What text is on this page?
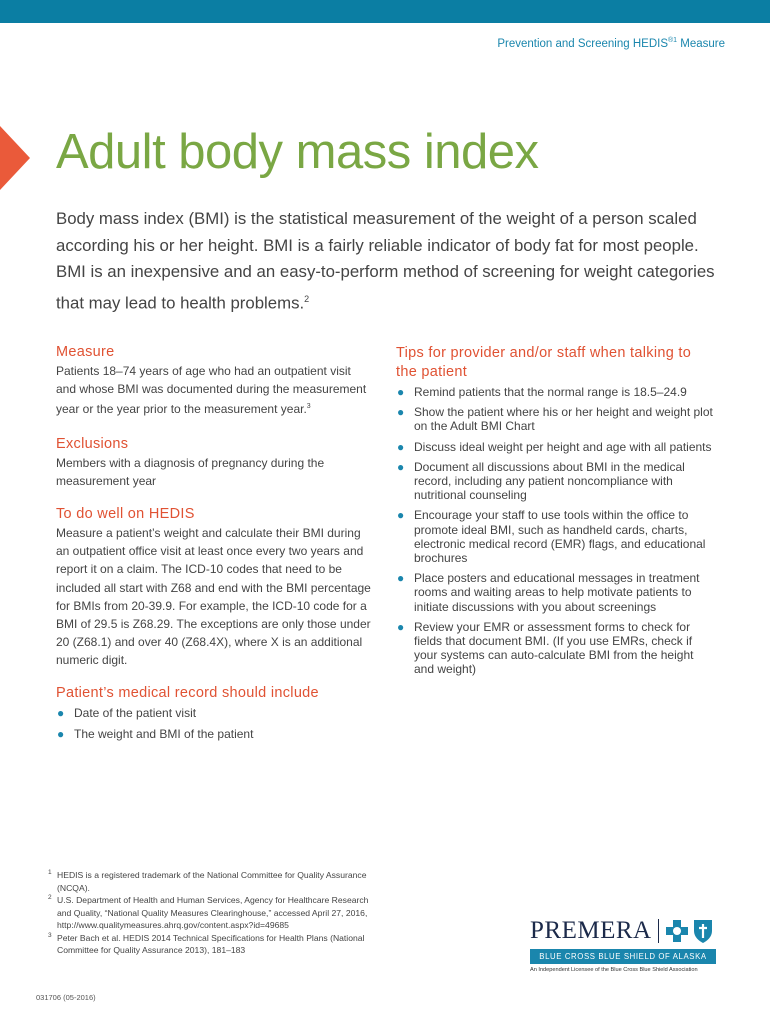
Prevention and Screening $HEDIS^{®1}$ Measure
Adult body mass index

Body mass index (BMI) is the statistical measurement of the weight of a person scaled according his or her height. BMI is a fairly reliable indicator of body fat for most people. BMI is an inexpensive and an easy-to-perform method of screening for weight categories that may lead to health problems.$^2$

Measure

Patients 18–74 years of age who had an outpatient visit and whose BMI was documented during the measurement year or the year prior to the measurement year.$^3$

Exclusions

Members with a diagnosis of pregnancy during the measurement year

To do well on HEDIS

Measure a patient’s weight and calculate their BMI during an outpatient office visit at least once every two years and report it on a claim. The ICD-10 codes that need to be included all start with Z68 and end with the BMI percentage for BMIs from 20-39.9. For example, the ICD-10 code for a BMI of 29.5 is Z68.29. The exceptions are only those under 20 (Z68.1) and over 40 (Z68.4X), where X is an additional numeric digit.

Patient’s medical record should include
● Date of the patient visit
● The weight and BMI of the patient
Tips for provider and/or staff when talking to the patient
● Remind patients that the normal range is 18.5–24.9
● Show the patient where his or her height and weight plot on the Adult BMI Chart
● Discuss ideal weight per height and age with all patients
● Document all discussions about BMI in the medical record, including any patient noncompliance with nutritional counseling
● Encourage your staff to use tools within the office to promote ideal BMI, such as handheld cards, charts, electronic medical record (EMR) flags, and educational brochures
● Place posters and educational messages in treatment rooms and waiting areas to help motivate patients to initiate discussions with you about screenings
● Review your EMR or assessment forms to check for fields that document BMI. (If you use EMRs, check if your systems can auto-calculate BMI from the height and weight)
1 HEDIS is a registered trademark of the National Committee for Quality Assurance (NCQA).
2 U.S. Department of Health and Human Services, Agency for Healthcare Research and Quality, “National Quality Measures Clearinghouse,” accessed April 27, 2016, http://www.qualitymeasures.ahrq.gov/content.aspx?id=49685
3 Peter Bach et al. HEDIS 2014 Technical Specifications for Health Plans (National Committee for Quality Assurance 2013), 181–183
031706 (05-2016)
PREMERA
BLUE CROSS BLUE SHIELD OF ALASKA
An Independent Licensee of the Blue Cross Blue Shield Association
